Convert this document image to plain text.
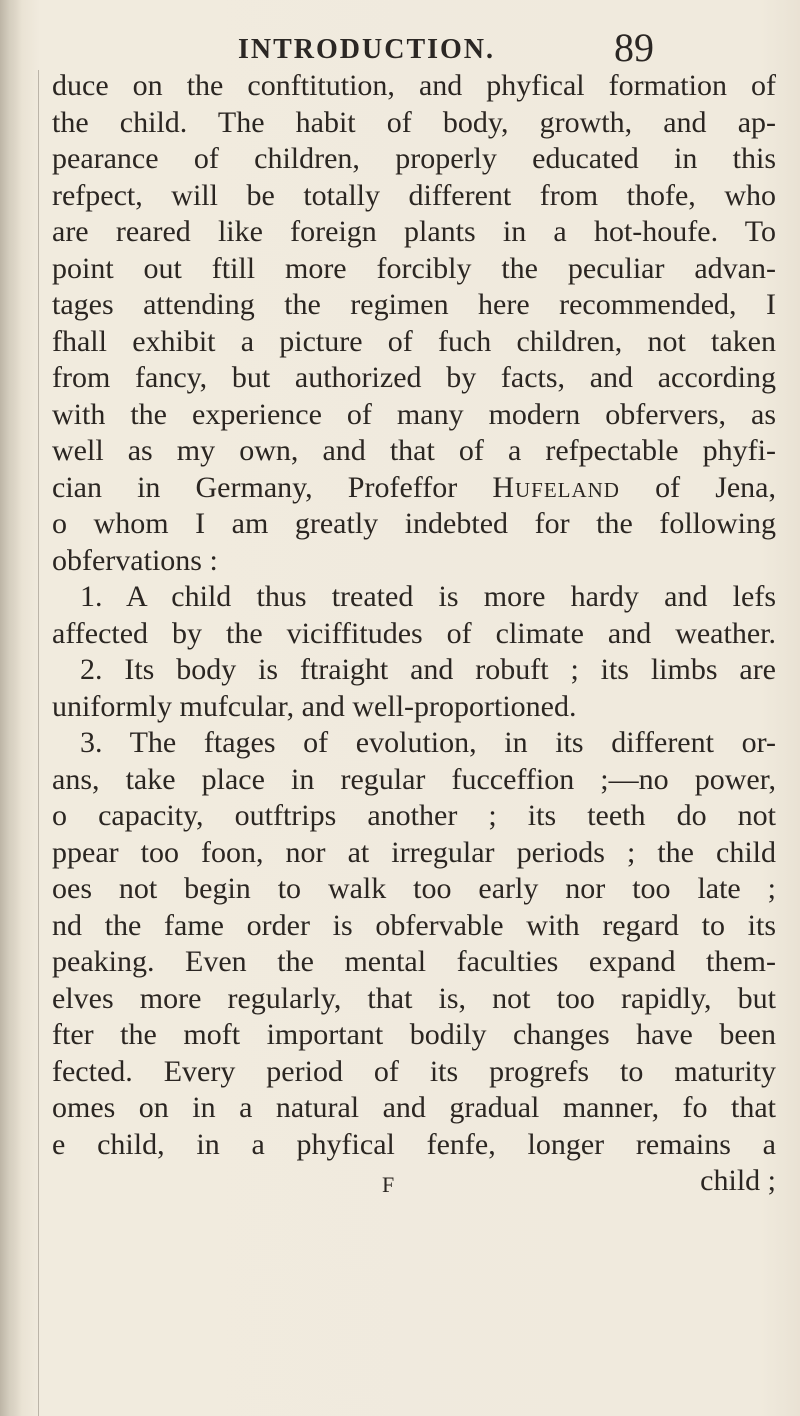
INTRODUCTION.	89
duce on the conftitution, and phyfical formation of
the child. The habit of body, growth, and ap-
pearance of children, properly educated in this
refpect, will be totally different from thofe, who
are reared like foreign plants in a hot-houfe. To
point out ftill more forcibly the peculiar advan-
tages attending the regimen here recommended, I
fhall exhibit a picture of fuch children, not taken
from fancy, but authorized by facts, and according
with the experience of many modern obfervers, as
well as my own, and that of a refpectable phyfi-
cian in Germany, Profeffor Hufeland of Jena,
o whom I am greatly indebted for the following
obfervations :
1. A child thus treated is more hardy and lefs
affected by the viciffitudes of climate and weather.
2. Its body is ftraight and robuft ; its limbs are
uniformly mufcular, and well-proportioned.
3. The ftages of evolution, in its different or-
ans, take place in regular fucceffion ;—no power,
o capacity, outftrips another ; its teeth do not
ppear too foon, nor at irregular periods ; the child
oes not begin to walk too early nor too late ;
nd the fame order is obfervable with regard to its
peaking. Even the mental faculties expand them-
elves more regularly, that is, not too rapidly, but
fter the moft important bodily changes have been
fected. Every period of its progrefs to maturity
omes on in a natural and gradual manner, fo that
e child, in a phyfical fenfe, longer remains a
F	child ;
